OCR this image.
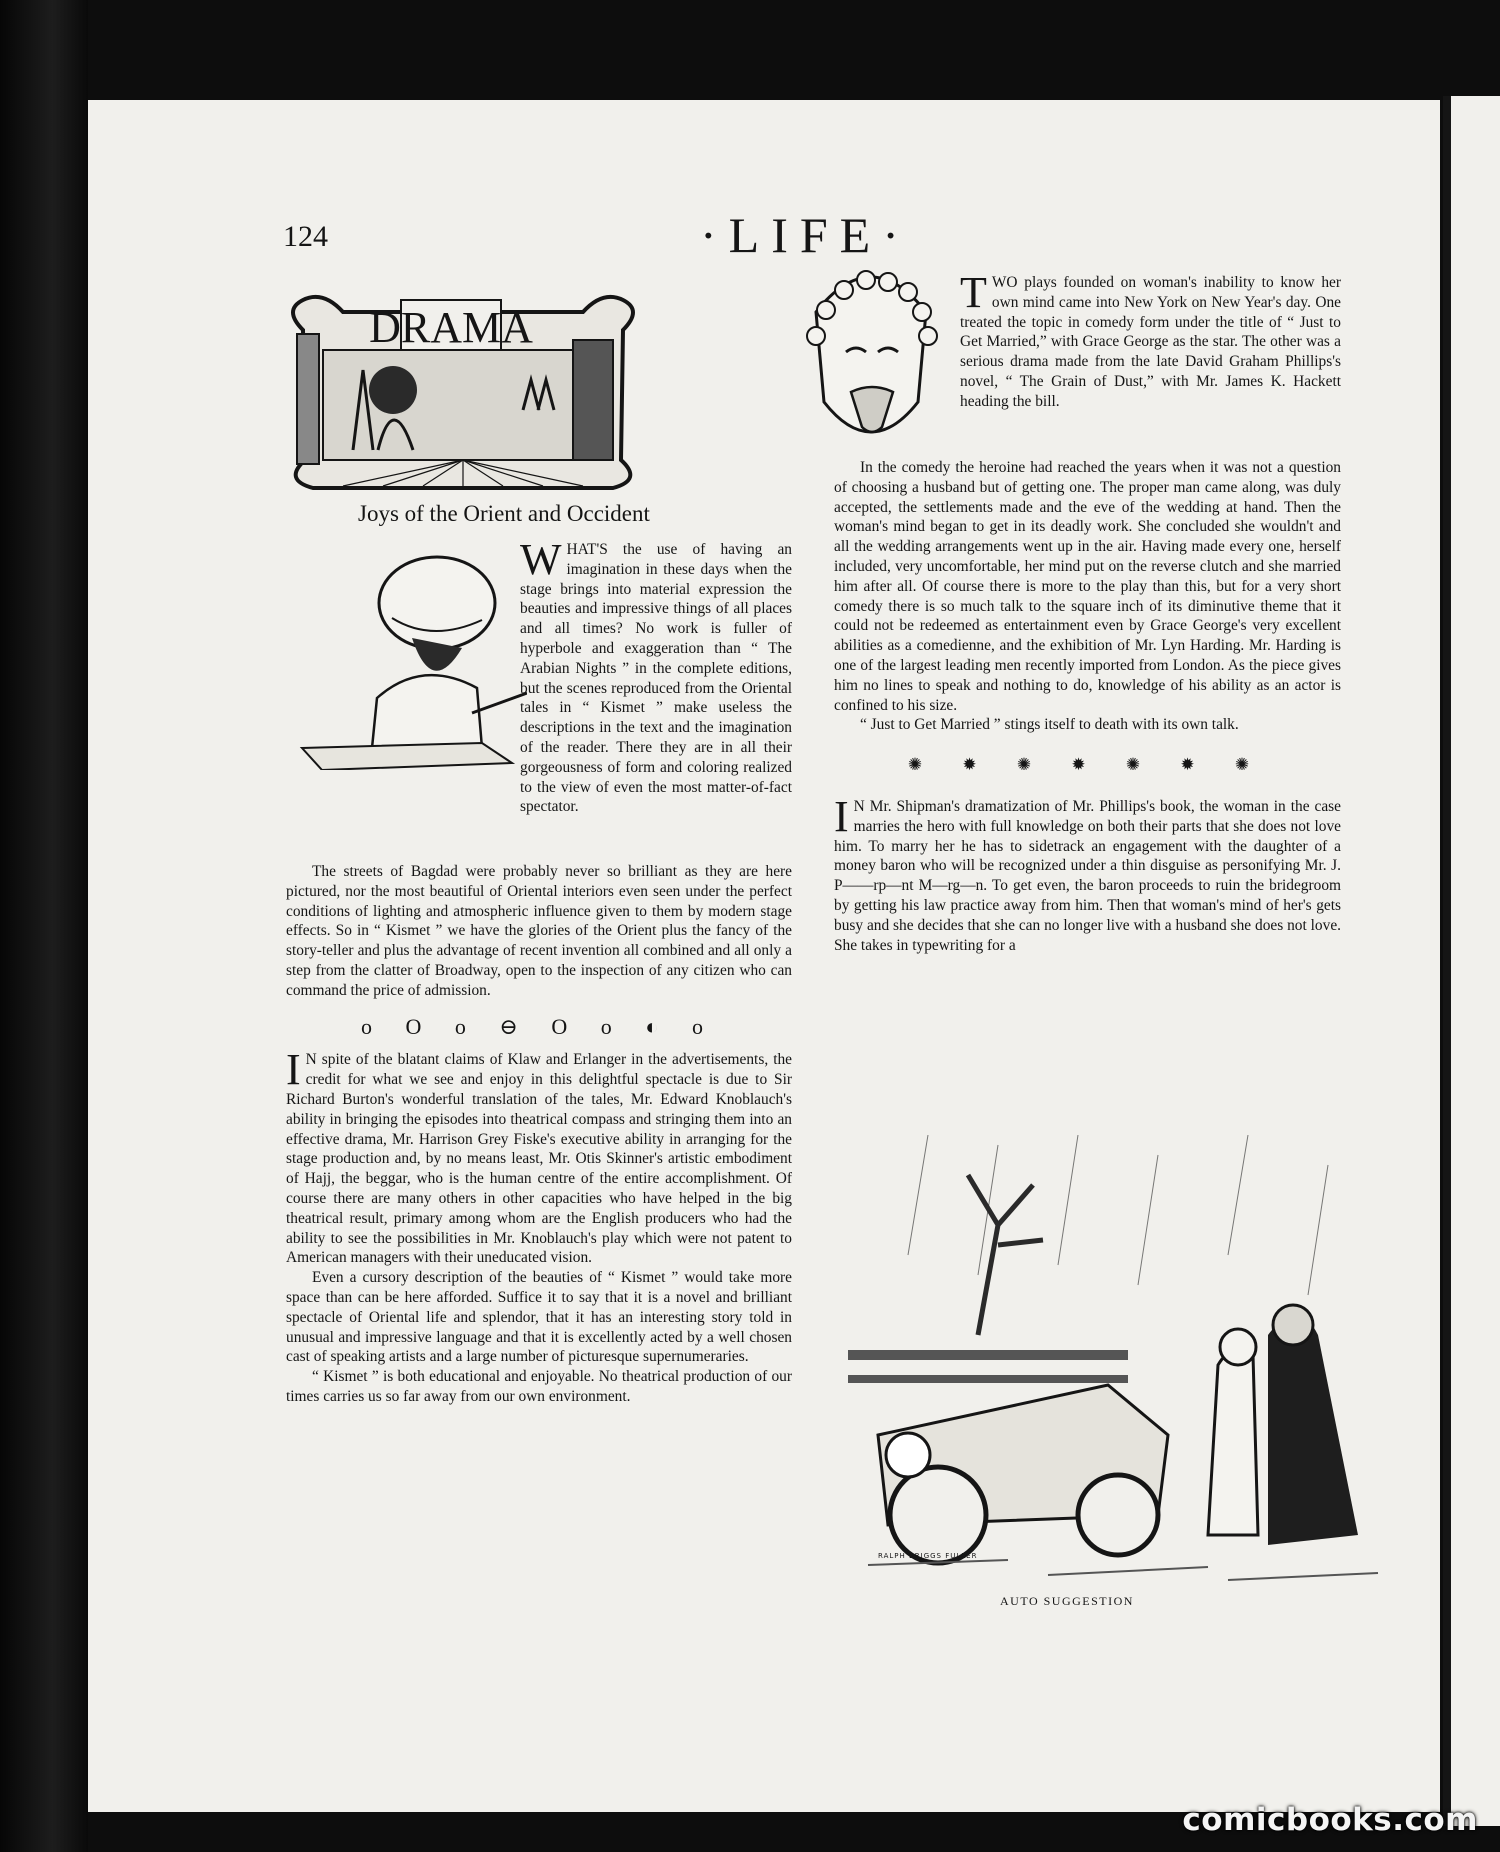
124	·LIFE·
DRAMA
Joys of the Orient and Occident
W HAT'S the use of having an imagination in these days when the stage brings into material expression the beauties and impressive things of all places and all times? No work is fuller of hyperbole and exaggeration than “ The Arabian Nights ” in the complete editions, but the scenes reproduced from the Oriental tales in “ Kismet ” make useless the descriptions in the text and the imagination of the reader. There they are in all their gorgeousness of form and coloring realized to the view of even the most matter-of-fact spectator.

The streets of Bagdad were probably never so brilliant as they are here pictured, nor the most beautiful of Oriental interiors even seen under the perfect conditions of lighting and atmospheric influence given to them by modern stage effects. So in “ Kismet ” we have the glories of the Orient plus the fancy of the story-teller and plus the advantage of recent invention all combined and all only a step from the clatter of Broadway, open to the inspection of any citizen who can command the price of admission.

o O o ⊖ O o ◐ o

I N spite of the blatant claims of Klaw and Erlanger in the advertisements, the credit for what we see and enjoy in this delightful spectacle is due to Sir Richard Burton's wonderful translation of the tales, Mr. Edward Knoblauch's ability in bringing the episodes into theatrical compass and stringing them into an effective drama, Mr. Harrison Grey Fiske's executive ability in arranging for the stage production and, by no means least, Mr. Otis Skinner's artistic embodiment of Hajj, the beggar, who is the human centre of the entire accomplishment. Of course there are many others in other capacities who have helped in the big theatrical result, primary among whom are the English producers who had the ability to see the possibilities in Mr. Knoblauch's play which were not patent to American managers with their uneducated vision.

Even a cursory description of the beauties of “ Kismet ” would take more space than can be here afforded. Suffice it to say that it is a novel and brilliant spectacle of Oriental life and splendor, that it has an interesting story told in unusual and impressive language and that it is excellently acted by a well chosen cast of speaking artists and a large number of picturesque supernumeraries.

“ Kismet ” is both educational and enjoyable. No theatrical production of our times carries us so far away from our own environment.

T WO plays founded on woman's inability to know her own mind came into New York on New Year's day. One treated the topic in comedy form under the title of “ Just to Get Married,” with Grace George as the star. The other was a serious drama made from the late David Graham Phillips's novel, “ The Grain of Dust,” with Mr. James K. Hackett heading the bill.

In the comedy the heroine had reached the years when it was not a question of choosing a husband but of getting one. The proper man came along, was duly accepted, the settlements made and the eve of the wedding at hand. Then the woman's mind began to get in its deadly work. She concluded she wouldn't and all the wedding arrangements went up in the air. Having made every one, herself included, very uncomfortable, her mind put on the reverse clutch and she married him after all. Of course there is more to the play than this, but for a very short comedy there is so much talk to the square inch of its diminutive theme that it could not be redeemed as entertainment even by Grace George's very excellent abilities as a comedienne, and the exhibition of Mr. Lyn Harding. Mr. Harding is one of the largest leading men recently imported from London. As the piece gives him no lines to speak and nothing to do, knowledge of his ability as an actor is confined to his size.

“ Just to Get Married ” stings itself to death with its own talk.

✺ ✹ ✺ ✹ ✺ ✹ ✺

I N Mr. Shipman's dramatization of Mr. Phillips's book, the woman in the case marries the hero with full knowledge on both their parts that she does not love him. To marry her he has to sidetrack an engagement with the daughter of a money baron who will be recognized under a thin disguise as personifying Mr. J. P——rp—nt M—rg—n. To get even, the baron proceeds to ruin the bridegroom by getting his law practice away from him. Then that woman's mind of her's gets busy and she decides that she can no longer live with a husband she does not love. She takes in typewriting for a

RALPH BRIGGS FULLER
AUTO SUGGESTION
comicbooks.com
